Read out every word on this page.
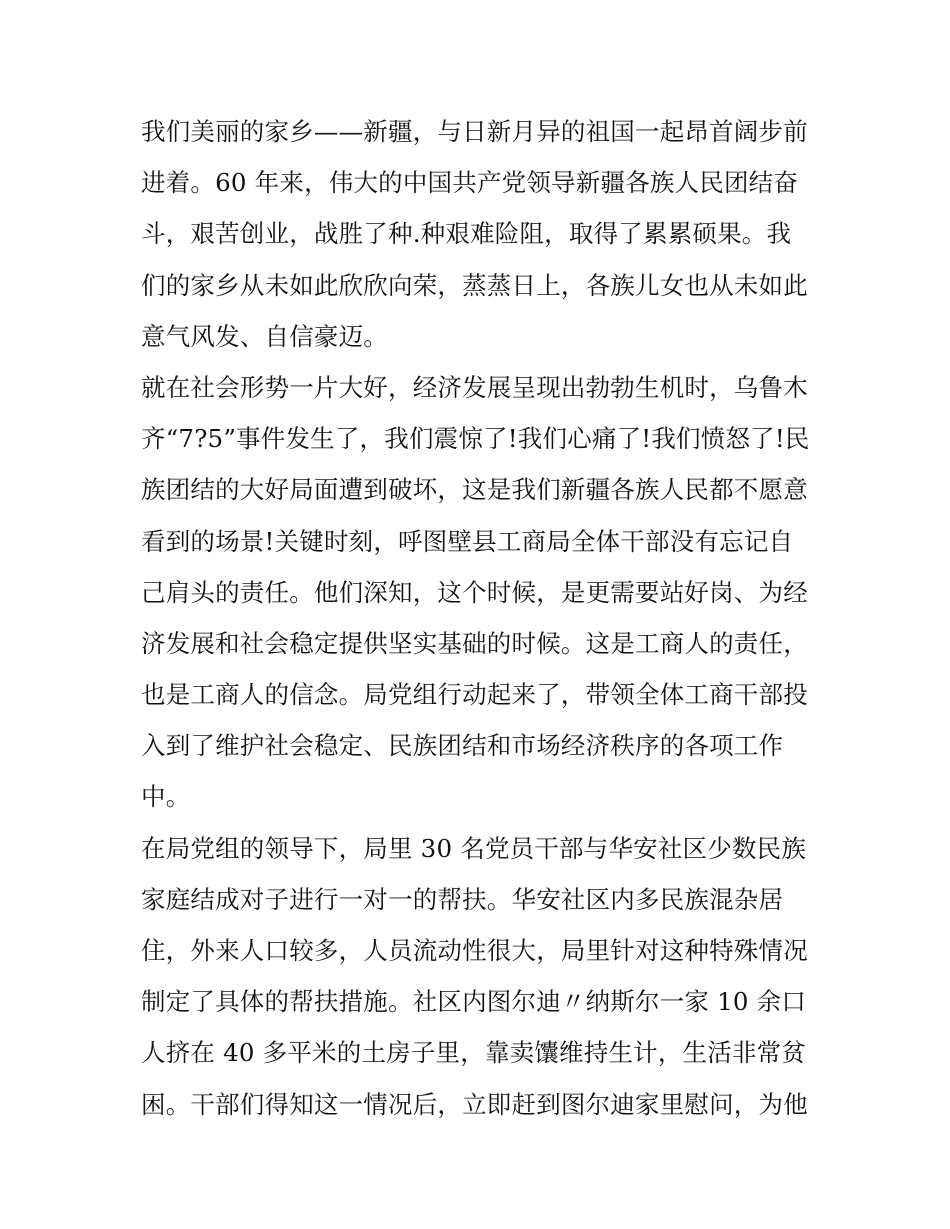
我们美丽的家乡——新疆，与日新月异的祖国一起昂首阔步前
进着。60 年来，伟大的中国共产党领导新疆各族人民团结奋
斗，艰苦创业，战胜了种.种艰难险阻，取得了累累硕果。我
们的家乡从未如此欣欣向荣，蒸蒸日上，各族儿女也从未如此
意气风发、自信豪迈。
就在社会形势一片大好，经济发展呈现出勃勃生机时，乌鲁木
齐“7?5”事件发生了，我们震惊了!我们心痛了!我们愤怒了!民
族团结的大好局面遭到破坏，这是我们新疆各族人民都不愿意
看到的场景!关键时刻，呼图壁县工商局全体干部没有忘记自
己肩头的责任。他们深知，这个时候，是更需要站好岗、为经
济发展和社会稳定提供坚实基础的时候。这是工商人的责任，
也是工商人的信念。局党组行动起来了，带领全体工商干部投
入到了维护社会稳定、民族团结和市场经济秩序的各项工作
中。
在局党组的领导下，局里 30 名党员干部与华安社区少数民族
家庭结成对子进行一对一的帮扶。华安社区内多民族混杂居
住，外来人口较多，人员流动性很大，局里针对这种特殊情况
制定了具体的帮扶措施。社区内图尔迪〃纳斯尔一家 10 余口
人挤在 40 多平米的土房子里，靠卖馕维持生计，生活非常贫
困。干部们得知这一情况后，立即赶到图尔迪家里慰问，为他
